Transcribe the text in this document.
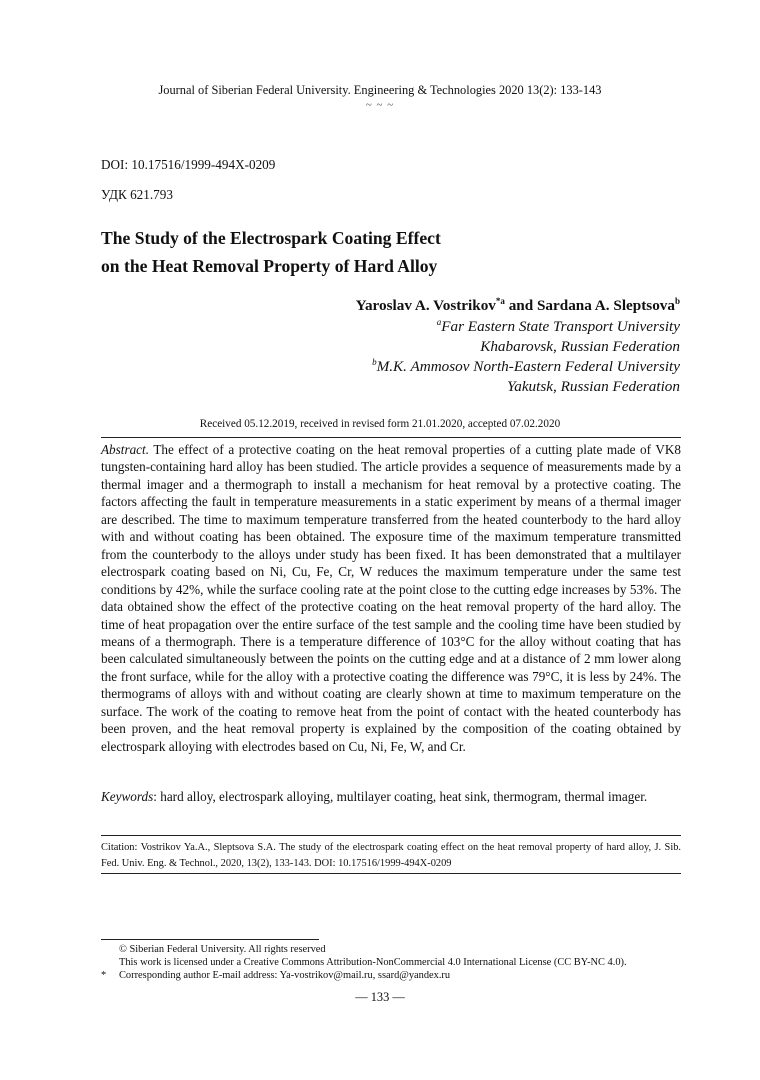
Journal of Siberian Federal University. Engineering & Technologies 2020 13(2): 133-143
~ ~ ~
DOI: 10.17516/1999-494X-0209
УДК 621.793
The Study of the Electrospark Coating Effect
on the Heat Removal Property of Hard Alloy
Yaroslav A. Vostrikov$^{*a}$ and Sardana A. Sleptsova$^b$
$^a$Far Eastern State Transport University
Khabarovsk, Russian Federation
$^b$M.K. Ammosov North-Eastern Federal University
Yakutsk, Russian Federation
Received 05.12.2019, received in revised form 21.01.2020, accepted 07.02.2020

Abstract. The effect of a protective coating on the heat removal properties of a cutting plate made of VK8 tungsten-containing hard alloy has been studied. The article provides a sequence of measurements made by a thermal imager and a thermograph to install a mechanism for heat removal by a protective coating. The factors affecting the fault in temperature measurements in a static experiment by means of a thermal imager are described. The time to maximum temperature transferred from the heated counterbody to the hard alloy with and without coating has been obtained. The exposure time of the maximum temperature transmitted from the counterbody to the alloys under study has been fixed. It has been demonstrated that a multilayer electrospark coating based on Ni, Cu, Fe, Cr, W reduces the maximum temperature under the same test conditions by 42%, while the surface cooling rate at the point close to the cutting edge increases by 53%. The data obtained show the effect of the protective coating on the heat removal property of the hard alloy. The time of heat propagation over the entire surface of the test sample and the cooling time have been studied by means of a thermograph. There is a temperature difference of 103°C for the alloy without coating that has been calculated simultaneously between the points on the cutting edge and at a distance of 2 mm lower along the front surface, while for the alloy with a protective coating the difference was 79°C, it is less by 24%. The thermograms of alloys with and without coating are clearly shown at time to maximum temperature on the surface. The work of the coating to remove heat from the point of contact with the heated counterbody has been proven, and the heat removal property is explained by the composition of the coating obtained by electrospark alloying with electrodes based on Cu, Ni, Fe, W, and Cr.

Keywords: hard alloy, electrospark alloying, multilayer coating, heat sink, thermogram, thermal imager.

Citation: Vostrikov Ya.A., Sleptsova S.A. The study of the electrospark coating effect on the heat removal property of hard alloy, J. Sib. Fed. Univ. Eng. & Technol., 2020, 13(2), 133-143. DOI: 10.17516/1999-494X-0209

© Siberian Federal University. All rights reserved
This work is licensed under a Creative Commons Attribution-NonCommercial 4.0 International License (CC BY-NC 4.0).
* Corresponding author E-mail address: Ya-vostrikov@mail.ru, ssard@yandex.ru
— 133 —
